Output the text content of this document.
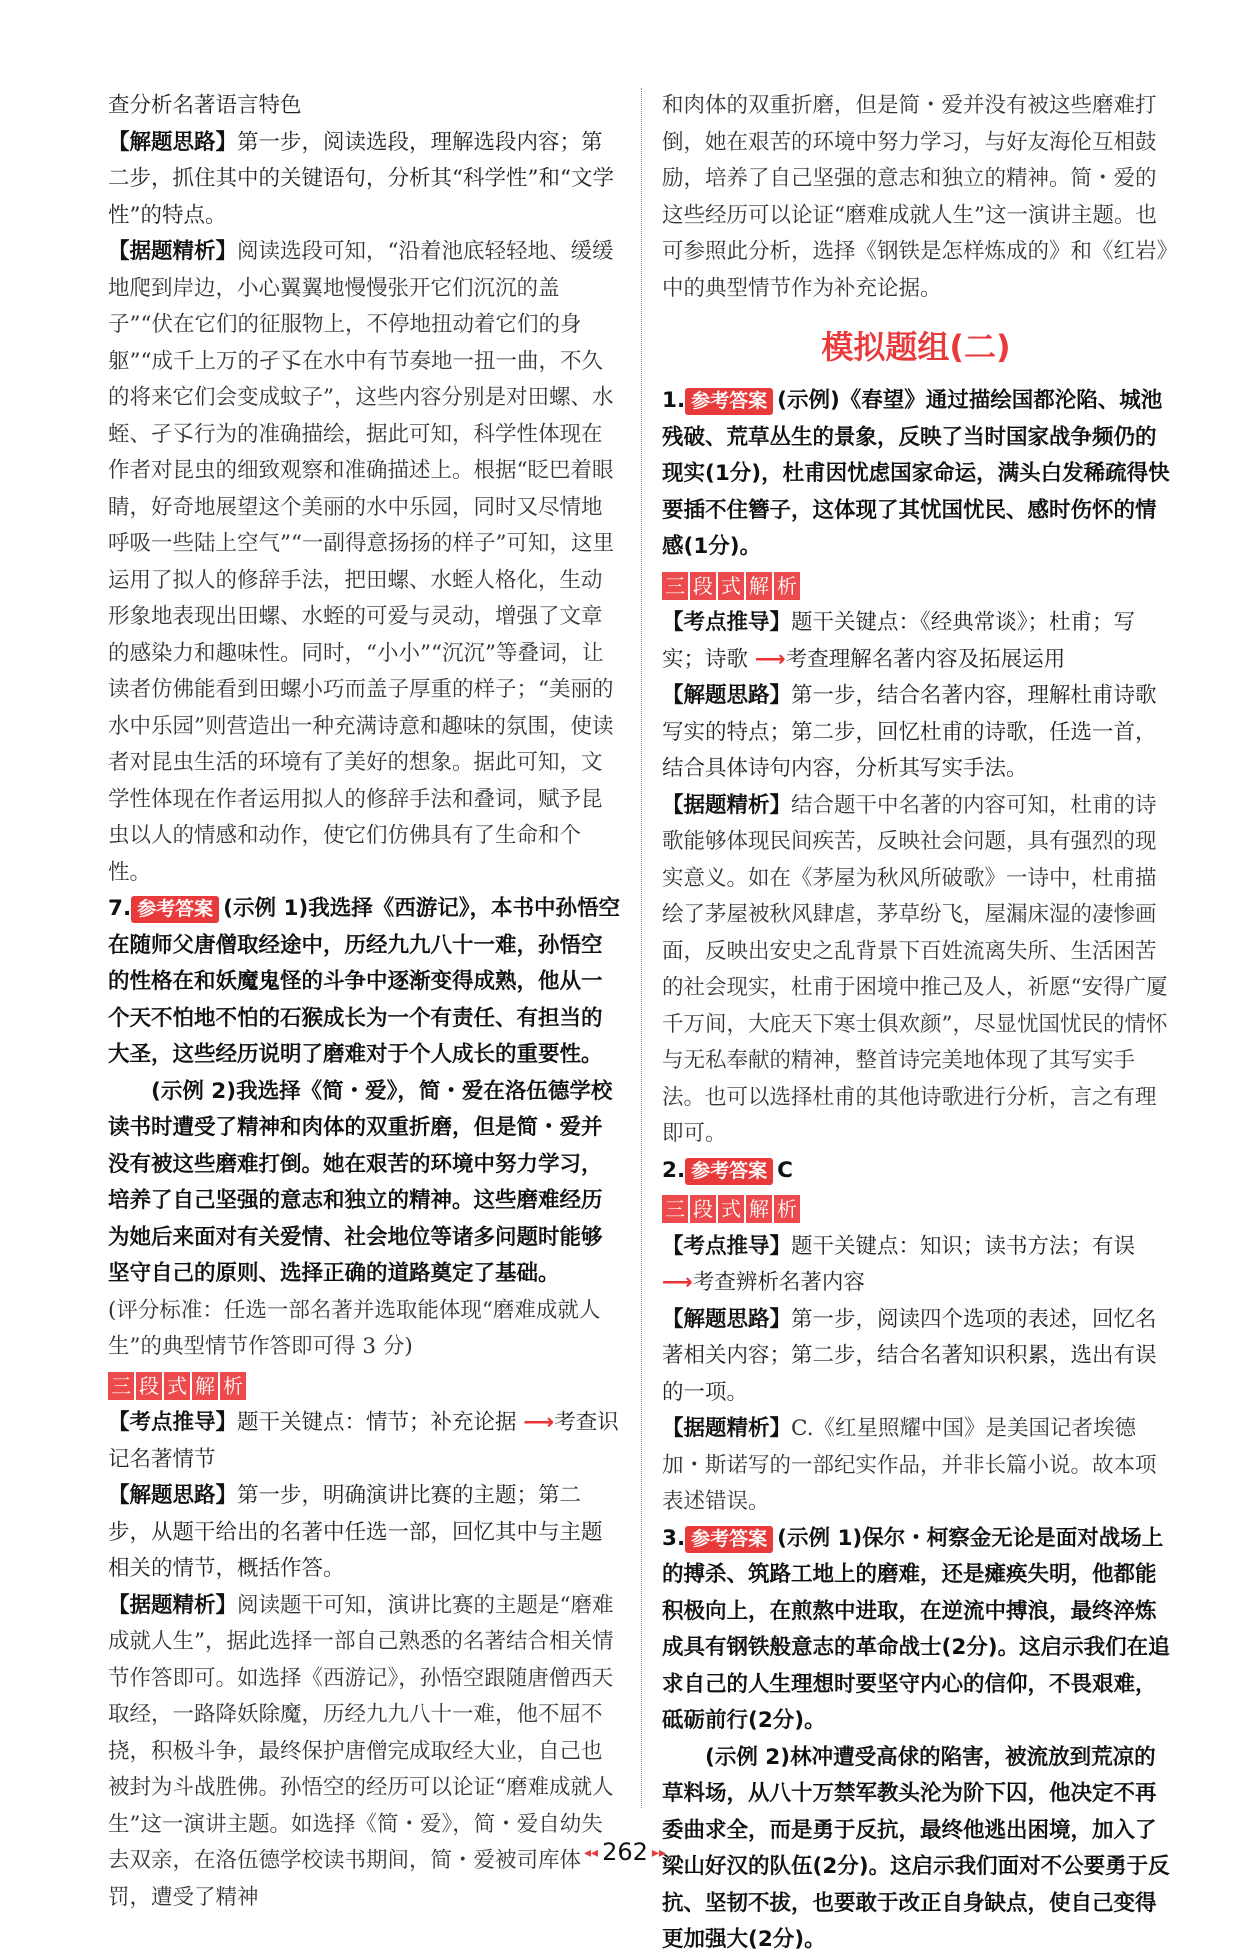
查分析名著语言特色

【解题思路】第一步，阅读选段，理解选段内容；第二步，抓住其中的关键语句，分析其“科学性”和“文学性”的特点。

【据题精析】阅读选段可知，“沿着池底轻轻地、缓缓地爬到岸边，小心翼翼地慢慢张开它们沉沉的盖子”“伏在它们的征服物上，不停地扭动着它们的身躯”“成千上万的孑孓在水中有节奏地一扭一曲，不久的将来它们会变成蚊子”，这些内容分别是对田螺、水蛭、孑孓行为的准确描绘，据此可知，科学性体现在作者对昆虫的细致观察和准确描述上。根据“眨巴着眼睛，好奇地展望这个美丽的水中乐园，同时又尽情地呼吸一些陆上空气”“一副得意扬扬的样子”可知，这里运用了拟人的修辞手法，把田螺、水蛭人格化，生动形象地表现出田螺、水蛭的可爱与灵动，增强了文章的感染力和趣味性。同时，“小小”“沉沉”等叠词，让读者仿佛能看到田螺小巧而盖子厚重的样子；“美丽的水中乐园”则营造出一种充满诗意和趣味的氛围，使读者对昆虫生活的环境有了美好的想象。据此可知，文学性体现在作者运用拟人的修辞手法和叠词，赋予昆虫以人的情感和动作，使它们仿佛具有了生命和个性。

7. 参考答案 (示例 1)我选择《西游记》，本书中孙悟空在随师父唐僧取经途中，历经九九八十一难，孙悟空的性格在和妖魔鬼怪的斗争中逐渐变得成熟，他从一个天不怕地不怕的石猴成长为一个有责任、有担当的大圣，这些经历说明了磨难对于个人成长的重要性。

(示例 2)我选择《简・爱》，简・爱在洛伍德学校读书时遭受了精神和肉体的双重折磨，但是简・爱并没有被这些磨难打倒。她在艰苦的环境中努力学习，培养了自己坚强的意志和独立的精神。这些磨难经历为她后来面对有关爱情、社会地位等诸多问题时能够坚守自己的原则、选择正确的道路奠定了基础。

(评分标准：任选一部名著并选取能体现“磨难成就人生”的典型情节作答即可得 3 分)

三 段 式 解 析

【考点推导】题干关键点：情节；补充论据 ⟶考查识记名著情节

【解题思路】第一步，明确演讲比赛的主题；第二步，从题干给出的名著中任选一部，回忆其中与主题相关的情节，概括作答。

【据题精析】阅读题干可知，演讲比赛的主题是“磨难成就人生”，据此选择一部自己熟悉的名著结合相关情节作答即可。如选择《西游记》，孙悟空跟随唐僧西天取经，一路降妖除魔，历经九九八十一难，他不屈不挠，积极斗争，最终保护唐僧完成取经大业，自己也被封为斗战胜佛。孙悟空的经历可以论证“磨难成就人生”这一演讲主题。如选择《简・爱》，简・爱自幼失去双亲，在洛伍德学校读书期间，简・爱被司库体罚，遭受了精神

和肉体的双重折磨，但是简・爱并没有被这些磨难打倒，她在艰苦的环境中努力学习，与好友海伦互相鼓励，培养了自己坚强的意志和独立的精神。简・爱的这些经历可以论证“磨难成就人生”这一演讲主题。也可参照此分析，选择《钢铁是怎样炼成的》和《红岩》中的典型情节作为补充论据。

模拟题组(二)

1. 参考答案 (示例)《春望》通过描绘国都沦陷、城池残破、荒草丛生的景象，反映了当时国家战争频仍的现实(1分)，杜甫因忧虑国家命运，满头白发稀疏得快要插不住簪子，这体现了其忧国忧民、感时伤怀的情感(1分)。

三 段 式 解 析

【考点推导】题干关键点：《经典常谈》；杜甫；写实；诗歌 ⟶考查理解名著内容及拓展运用

【解题思路】第一步，结合名著内容，理解杜甫诗歌写实的特点；第二步，回忆杜甫的诗歌，任选一首，结合具体诗句内容，分析其写实手法。

【据题精析】结合题干中名著的内容可知，杜甫的诗歌能够体现民间疾苦，反映社会问题，具有强烈的现实意义。如在《茅屋为秋风所破歌》一诗中，杜甫描绘了茅屋被秋风肆虐，茅草纷飞，屋漏床湿的凄惨画面，反映出安史之乱背景下百姓流离失所、生活困苦的社会现实，杜甫于困境中推己及人，祈愿“安得广厦千万间，大庇天下寒士俱欢颜”，尽显忧国忧民的情怀与无私奉献的精神，整首诗完美地体现了其写实手法。也可以选择杜甫的其他诗歌进行分析，言之有理即可。

2. 参考答案 C

三 段 式 解 析

【考点推导】题干关键点：知识；读书方法；有误 ⟶考查辨析名著内容

【解题思路】第一步，阅读四个选项的表述，回忆名著相关内容；第二步，结合名著知识积累，选出有误的一项。

【据题精析】C.《红星照耀中国》是美国记者埃德加・斯诺写的一部纪实作品，并非长篇小说。故本项表述错误。

3. 参考答案 (示例 1)保尔・柯察金无论是面对战场上的搏杀、筑路工地上的磨难，还是瘫痪失明，他都能积极向上，在煎熬中进取，在逆流中搏浪，最终淬炼成具有钢铁般意志的革命战士(2分)。这启示我们在追求自己的人生理想时要坚守内心的信仰，不畏艰难，砥砺前行(2分)。

(示例 2)林冲遭受高俅的陷害，被流放到荒凉的草料场，从八十万禁军教头沦为阶下囚，他决定不再委曲求全，而是勇于反抗，最终他逃出困境，加入了梁山好汉的队伍(2分)。这启示我们面对不公要勇于反抗、坚韧不拔，也要敢于改正自身缺点，使自己变得更加强大(2分)。

◂◂ 262 ▸▸
